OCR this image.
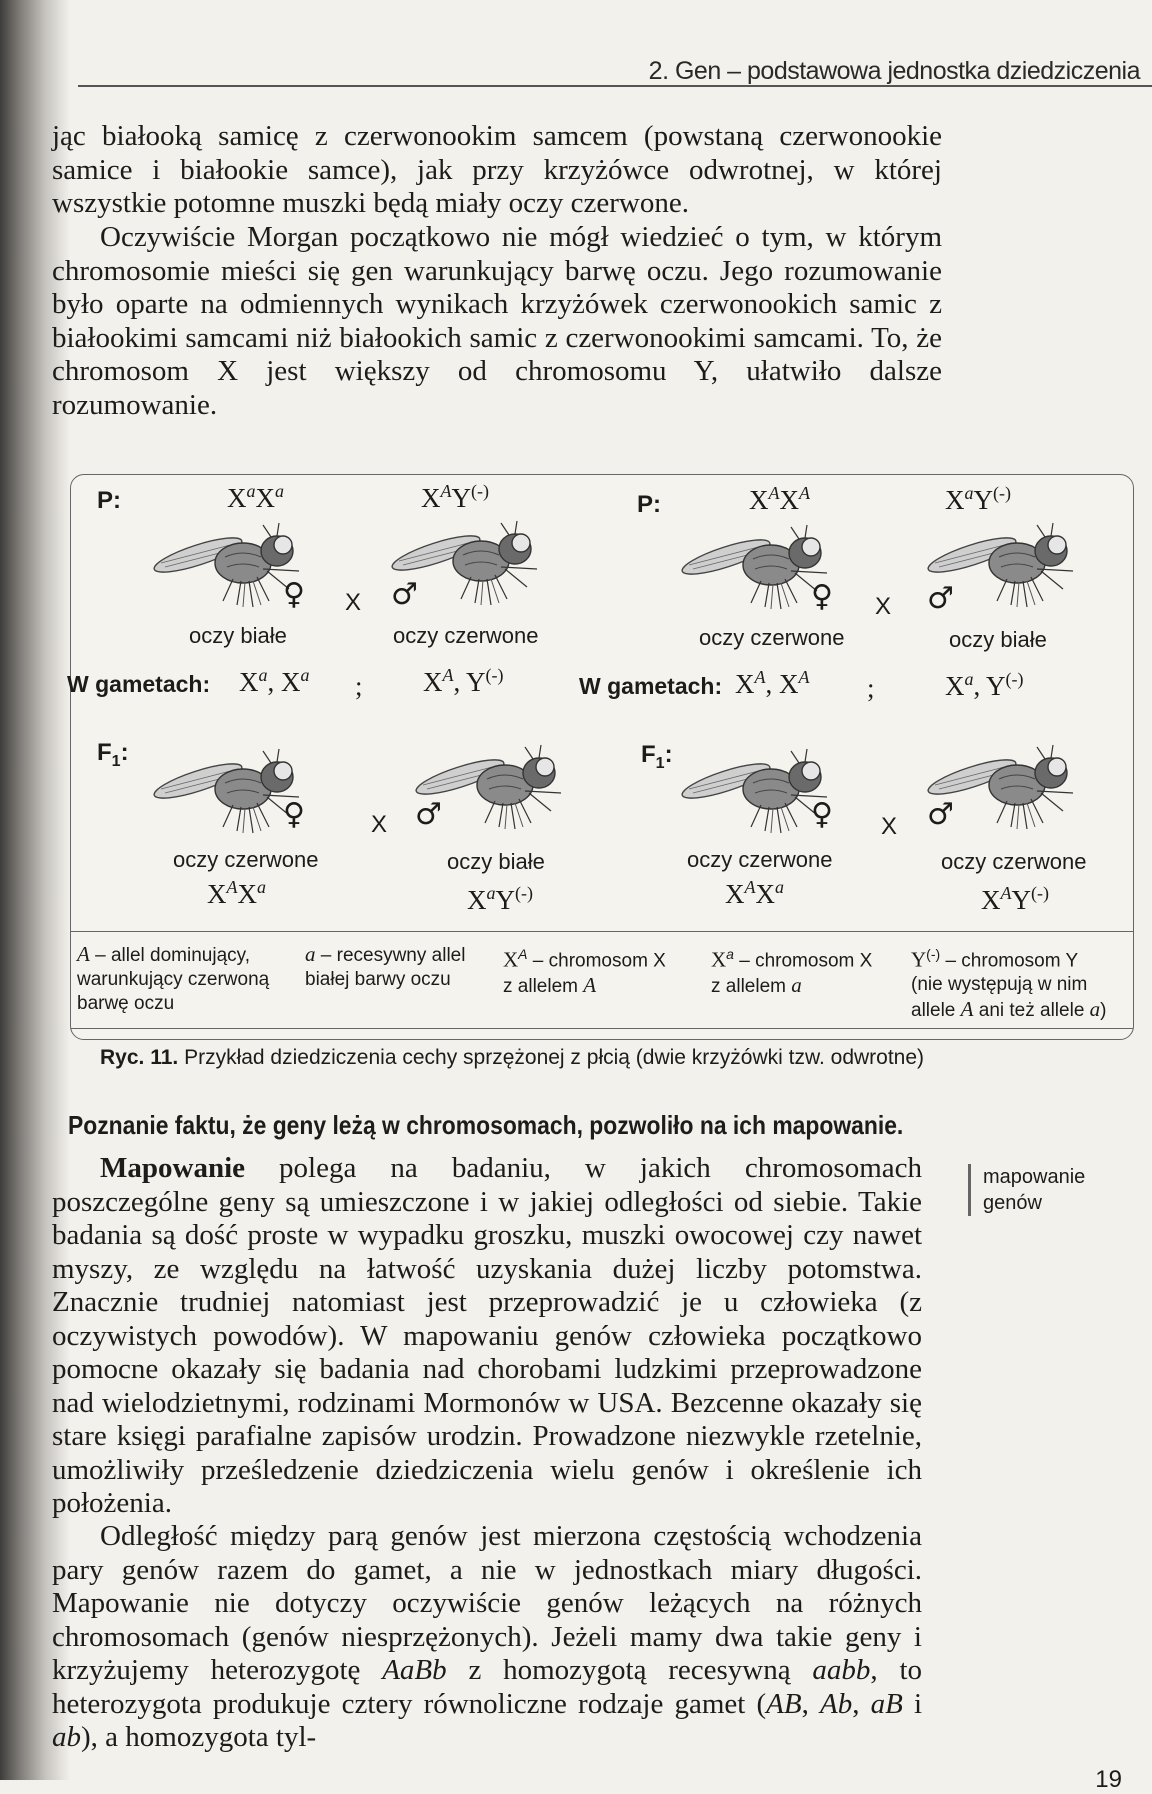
2. Gen – podstawowa jednostka dziedziczenia

jąc białooką samicę z czerwonookim samcem (powstaną czerwonookie samice i białookie samce), jak przy krzyżówce odwrotnej, w której wszystkie potomne muszki będą miały oczy czerwone.

Oczywiście Morgan początkowo nie mógł wiedzieć o tym, w którym chromosomie mieści się gen warunkujący barwę oczu. Jego rozumowanie było oparte na odmiennych wynikach krzyżówek czerwonookich samic z białookimi samcami niż białookich samic z czerwonookimi samcami. To, że chromosom X jest większy od chromosomu Y, ułatwiło dalsze rozumowanie.

P:	$X^aX^a$	$X^AY^{(-)}$
♀ X ♂
oczy białe	oczy czerwone
W gametach: $X^a$, $X^a$ ; $X^A$, Y(-)
$F_1$:
♀	X ♂
oczy czerwone	oczy białe
$X^AX^a$	$X^aY^{(-)}$
P:	$X^AX^A$	$X^aY^{(-)}$
♀ X ♂
oczy czerwone	oczy białe
W gametach: $X^A$, $X^A$ ;	$X^a$, Y(-)
$F_1$:
♀ X ♂
oczy czerwone	oczy czerwone
$X^AX^a$	$X^AY^{(-)}$
A – allel dominujący,
warunkujący czerwoną
barwę oczu
a – recesywny allel
białej barwy oczu
$X^A$ – chromosom X
z allelem A
$X^a$ – chromosom X
z allelem a
Y(-) – chromosom Y
(nie występują w nim
allele A ani też allele a)
Ryc. 11. Przykład dziedziczenia cechy sprzężonej z płcią (dwie krzyżówki tzw. odwrotne)
Poznanie faktu, że geny leżą w chromosomach, pozwoliło na ich mapowanie.
mapowanie
genów

Mapowanie polega na badaniu, w jakich chromosomach poszczególne geny są umieszczone i w jakiej odległości od siebie. Takie badania są dość proste w wypadku groszku, muszki owocowej czy nawet myszy, ze względu na łatwość uzyskania dużej liczby potomstwa. Znacznie trudniej natomiast jest przeprowadzić je u człowieka (z oczywistych powodów). W mapowaniu genów człowieka początkowo pomocne okazały się badania nad chorobami ludzkimi przeprowadzone nad wielodzietnymi, rodzinami Mormonów w USA. Bezcenne okazały się stare księgi parafialne zapisów urodzin. Prowadzone niezwykle rzetelnie, umożliwiły prześledzenie dziedziczenia wielu genów i określenie ich położenia.

Odległość między parą genów jest mierzona częstością wchodzenia pary genów razem do gamet, a nie w jednostkach miary długości. Mapowanie nie dotyczy oczywiście genów leżących na różnych chromosomach (genów niesprzężonych). Jeżeli mamy dwa takie geny i krzyżujemy heterozygotę AaBb z homozygotą recesywną aabb, to heterozygota produkuje cztery równoliczne rodzaje gamet (AB, Ab, aB i ab), a homozygota tyl-

19
